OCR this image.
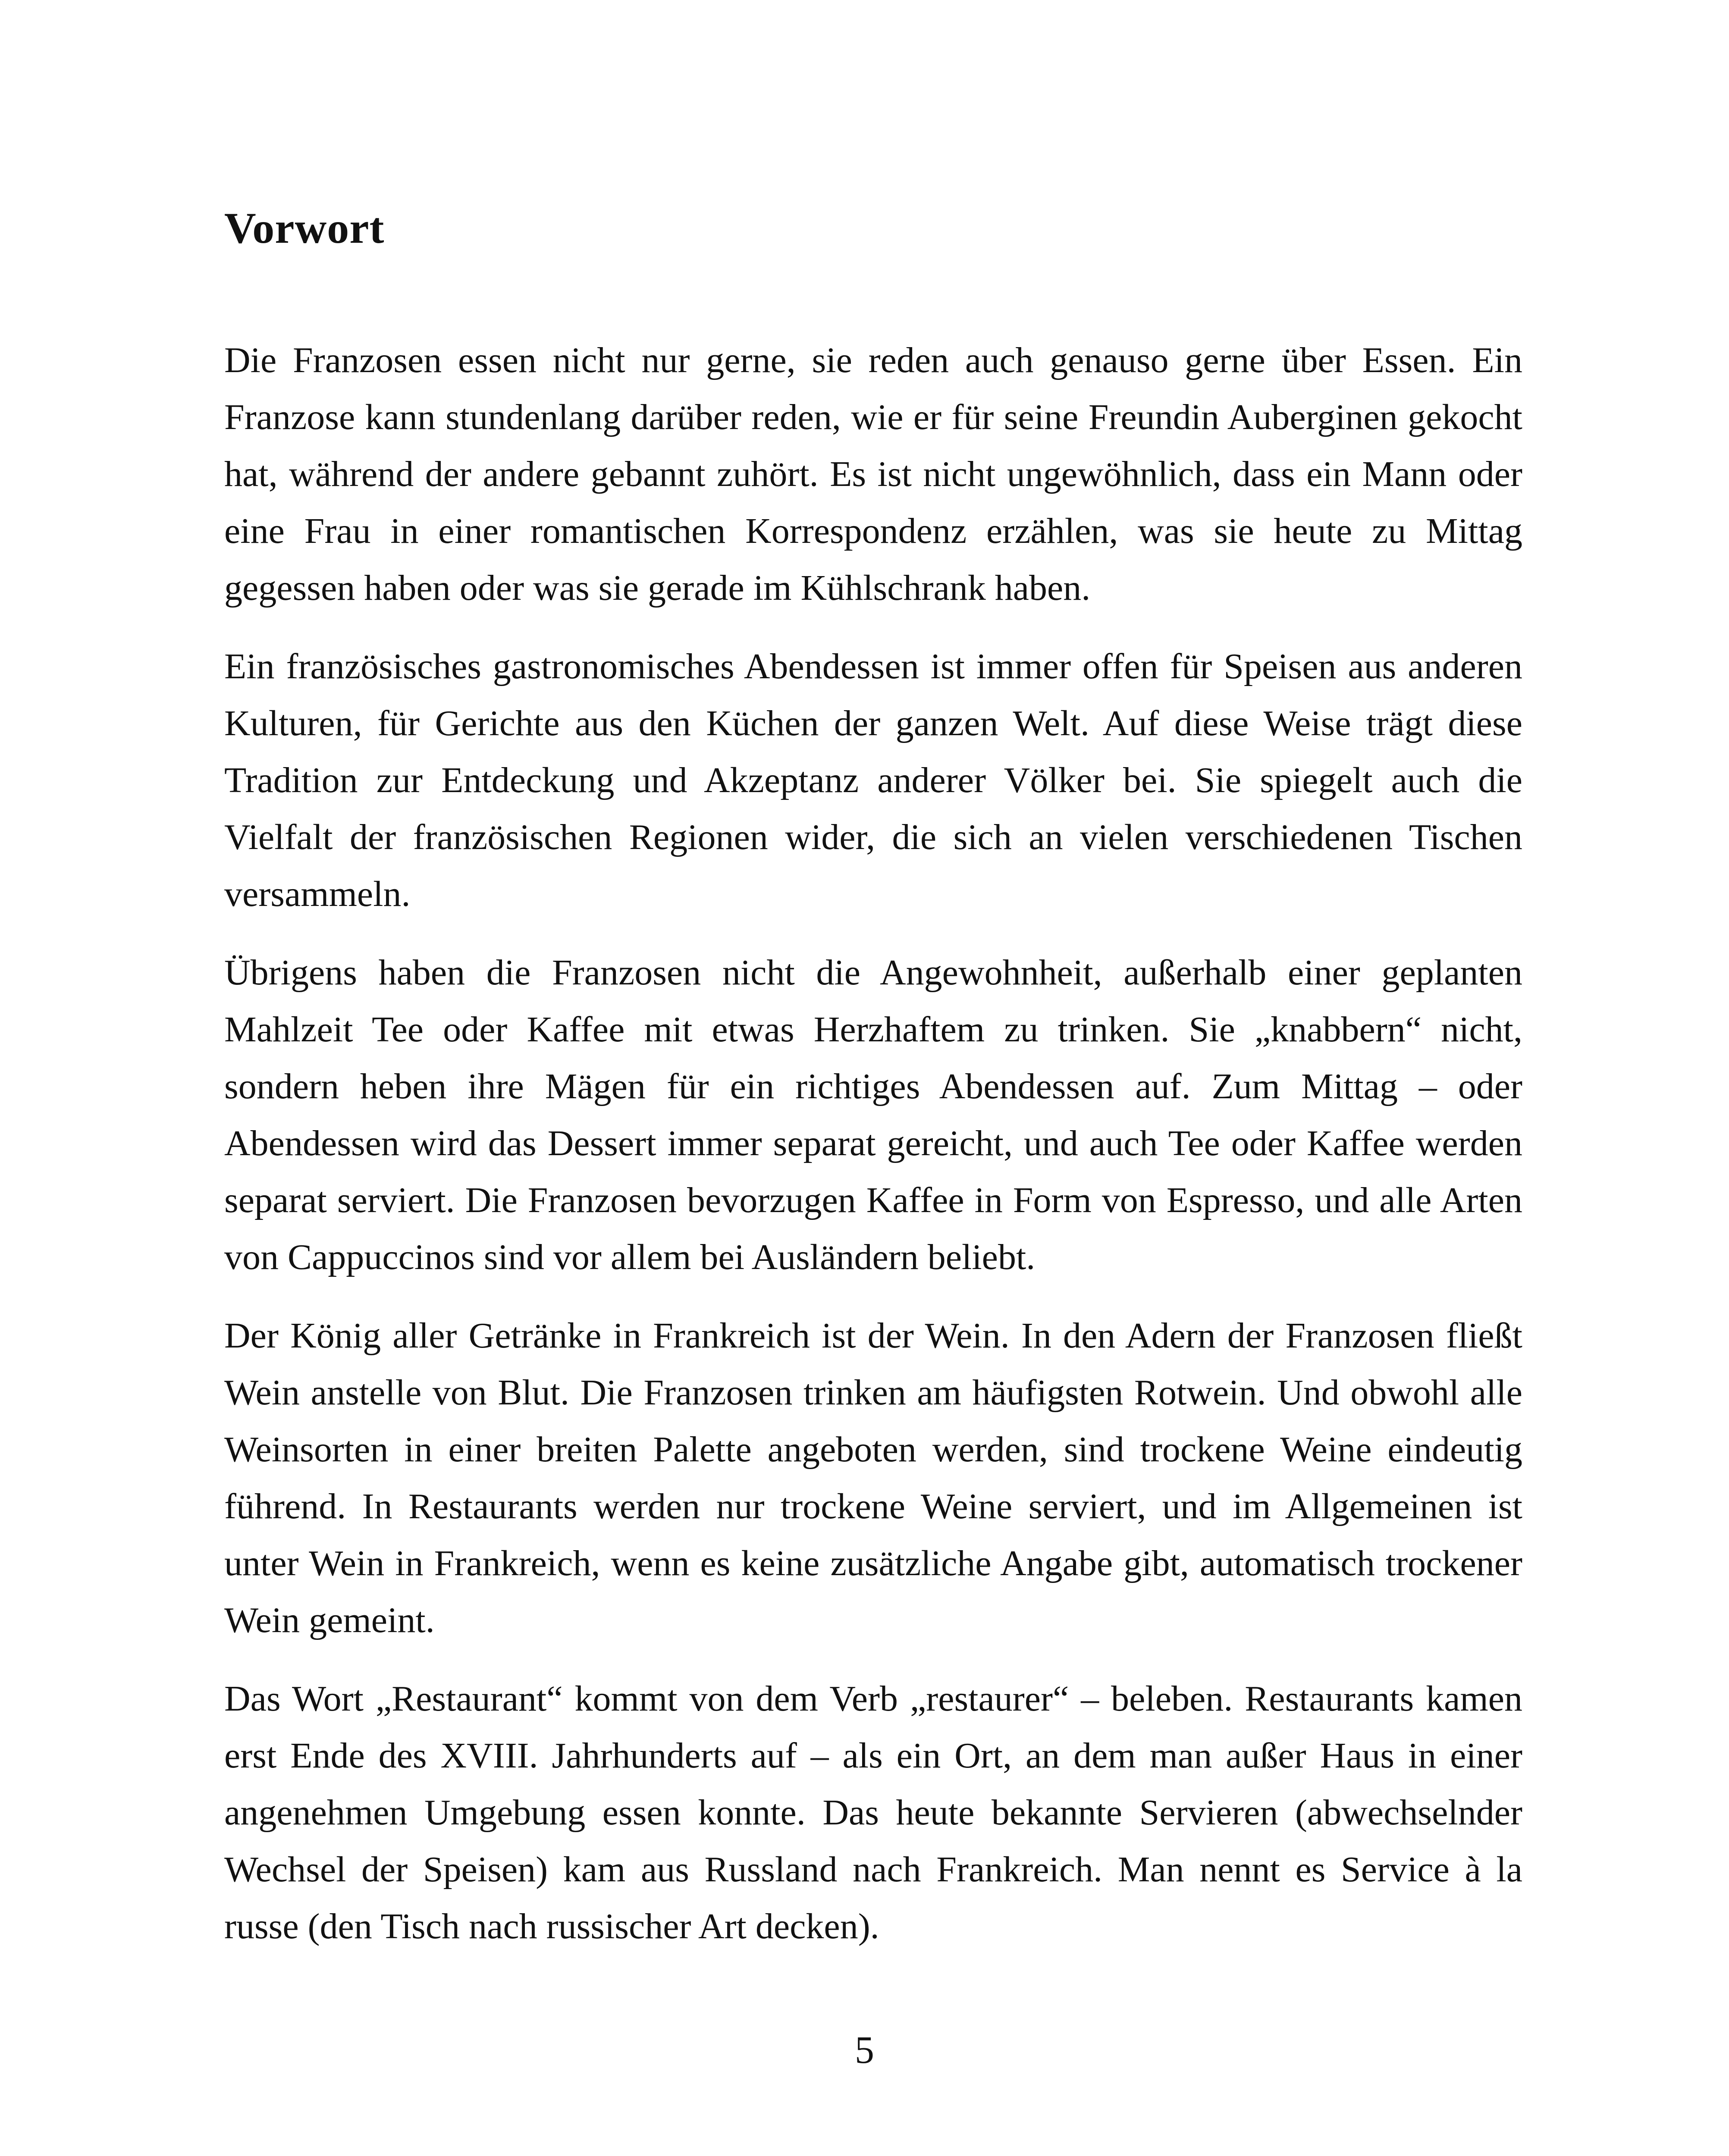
Vorwort

Die Franzosen essen nicht nur gerne, sie reden auch genauso gerne über Essen. Ein Franzose kann stundenlang darüber reden, wie er für seine Freundin Auberginen gekocht hat, während der andere gebannt zuhört. Es ist nicht ungewöhnlich, dass ein Mann oder eine Frau in einer romantischen Korrespondenz erzählen, was sie heute zu Mittag gegessen haben oder was sie gerade im Kühlschrank haben.

Ein französisches gastronomisches Abendessen ist immer offen für Speisen aus anderen Kulturen, für Gerichte aus den Küchen der ganzen Welt. Auf diese Weise trägt diese Tradition zur Entdeckung und Akzeptanz anderer Völker bei. Sie spiegelt auch die Vielfalt der französischen Regionen wider, die sich an vielen verschiedenen Tischen versammeln.

Übrigens haben die Franzosen nicht die Angewohnheit, außerhalb einer geplanten Mahlzeit Tee oder Kaffee mit etwas Herzhaftem zu trinken. Sie „knabbern“ nicht, sondern heben ihre Mägen für ein richtiges Abendessen auf. Zum Mittag – oder Abendessen wird das Dessert immer separat gereicht, und auch Tee oder Kaffee werden separat serviert. Die Franzosen bevorzugen Kaffee in Form von Espresso, und alle Arten von Cappuccinos sind vor allem bei Ausländern beliebt.

Der König aller Getränke in Frankreich ist der Wein. In den Adern der Franzosen fließt Wein anstelle von Blut. Die Franzosen trinken am häufigsten Rotwein. Und obwohl alle Weinsorten in einer breiten Palette angeboten werden, sind trockene Weine eindeutig führend. In Restaurants werden nur trockene Weine serviert, und im Allgemeinen ist unter Wein in Frankreich, wenn es keine zusätzliche Angabe gibt, automatisch trockener Wein gemeint.

Das Wort „Restaurant“ kommt von dem Verb „restaurer“ – beleben. Restaurants kamen erst Ende des XVIII. Jahrhunderts auf – als ein Ort, an dem man außer Haus in einer angenehmen Umgebung essen konnte. Das heute bekannte Servieren (abwechselnder Wechsel der Speisen) kam aus Russland nach Frankreich. Man nennt es Service à la russe (den Tisch nach russischer Art decken).

5
